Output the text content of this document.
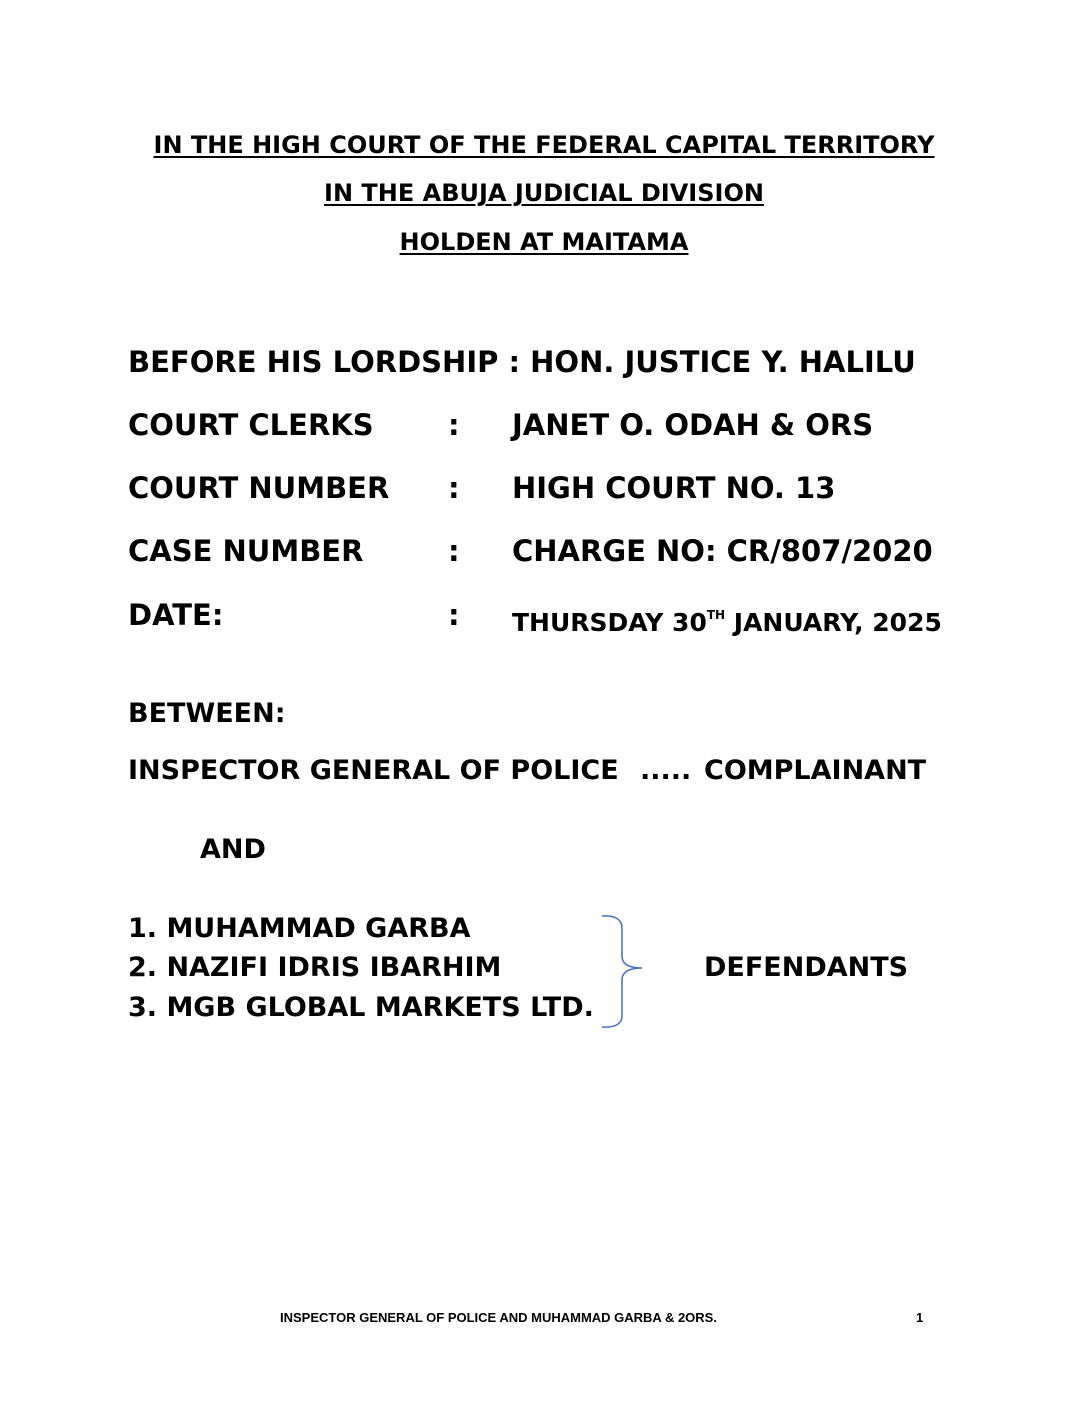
IN THE HIGH COURT OF THE FEDERAL CAPITAL TERRITORY
IN THE ABUJA JUDICIAL DIVISION
HOLDEN AT MAITAMA
BEFORE HIS LORDSHIP : HON. JUSTICE Y. HALILU
COURT CLERKS	: JANET O. ODAH & ORS
COURT NUMBER : HIGH COURT NO. 13
CASE NUMBER	: CHARGE NO: CR/807/2020
DATE:	: THURSDAY 30TH JANUARY, 2025
BETWEEN:
INSPECTOR GENERAL OF POLICE ..... COMPLAINANT
AND
1. MUHAMMAD GARBA
2. NAZIFI IDRIS IBARHIM
3. MGB GLOBAL MARKETS LTD.
DEFENDANTS
INSPECTOR GENERAL OF POLICE AND MUHAMMAD GARBA & 2ORS.	1
